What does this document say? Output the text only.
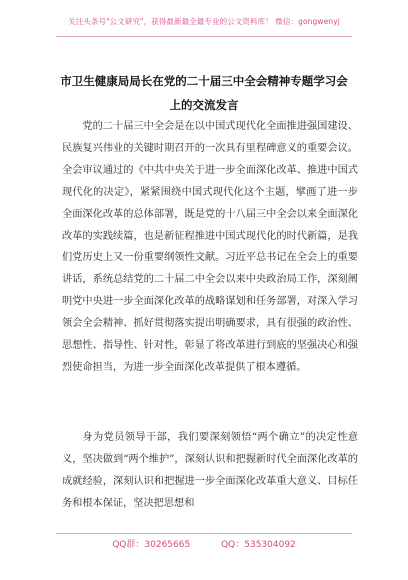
关注头条号"公文研究"，获得最新最全最专业的公文资料库！ 微信：gongwenyj
市卫生健康局局长在党的二十届三中全会精神专题学习会
上的交流发言
党的二十届三中全会是在以中国式现代化全面推进强国建设、民族复兴伟业的关键时期召开的一次具有里程碑意义的重要会议。全会审议通过的《中共中央关于进一步全面深化改革、推进中国式现代化的决定》，紧紧围绕中国式现代化这个主题，擘画了进一步全面深化改革的总体部署，既是党的十八届三中全会以来全面深化改革的实践续篇，也是新征程推进中国式现代化的时代新篇，是我们党历史上又一份重要纲领性文献。习近平总书记在全会上的重要讲话，系统总结党的二十届二中全会以来中央政治局工作，深刻阐明党中央进一步全面深化改革的战略谋划和任务部署，对深入学习领会全会精神、抓好贯彻落实提出明确要求，具有很强的政治性、思想性、指导性、针对性，彰显了将改革进行到底的坚强决心和强烈使命担当，为进一步全面深化改革提供了根本遵循。
身为党员领导干部，我们要深刻领悟“两个确立”的决定性意义，坚决做到“两个维护”，深刻认识和把握新时代全面深化改革的成就经验，深刻认识和把握进一步全面深化改革重大意义、目标任务和根本保证，坚决把思想和
QQ群：30265665	QQ：535304092
